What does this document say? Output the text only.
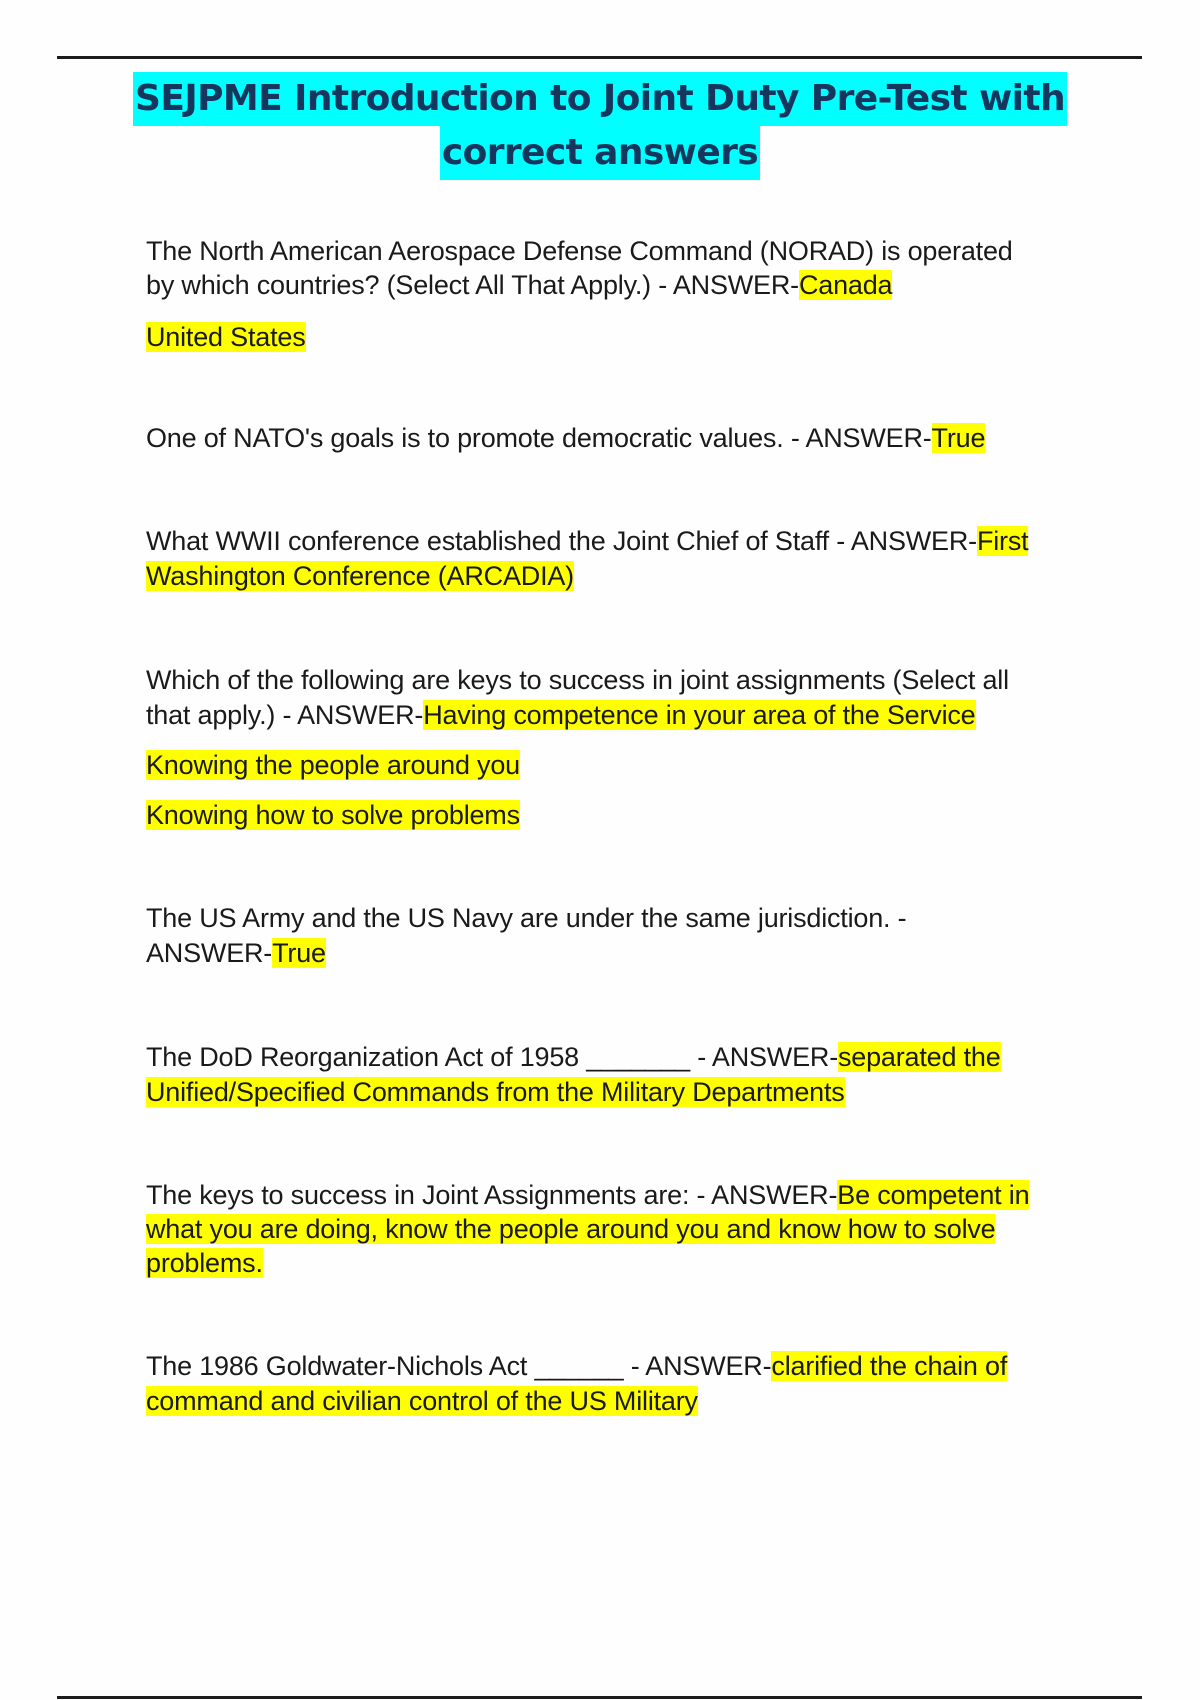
SEJPME Introduction to Joint Duty Pre-Test with
correct answers
The North American Aerospace Defense Command (NORAD) is operated
by which countries? (Select All That Apply.) - ANSWER-Canada
United States
One of NATO's goals is to promote democratic values. - ANSWER-True
What WWII conference established the Joint Chief of Staff - ANSWER-First
Washington Conference (ARCADIA)
Which of the following are keys to success in joint assignments (Select all
that apply.) - ANSWER-Having competence in your area of the Service
Knowing the people around you
Knowing how to solve problems
The US Army and the US Navy are under the same jurisdiction. -
ANSWER-True
The DoD Reorganization Act of 1958 _______ - ANSWER-separated the
Unified/Specified Commands from the Military Departments
The keys to success in Joint Assignments are: - ANSWER-Be competent in
what you are doing, know the people around you and know how to solve
problems.
The 1986 Goldwater-Nichols Act ______ - ANSWER-clarified the chain of
command and civilian control of the US Military
